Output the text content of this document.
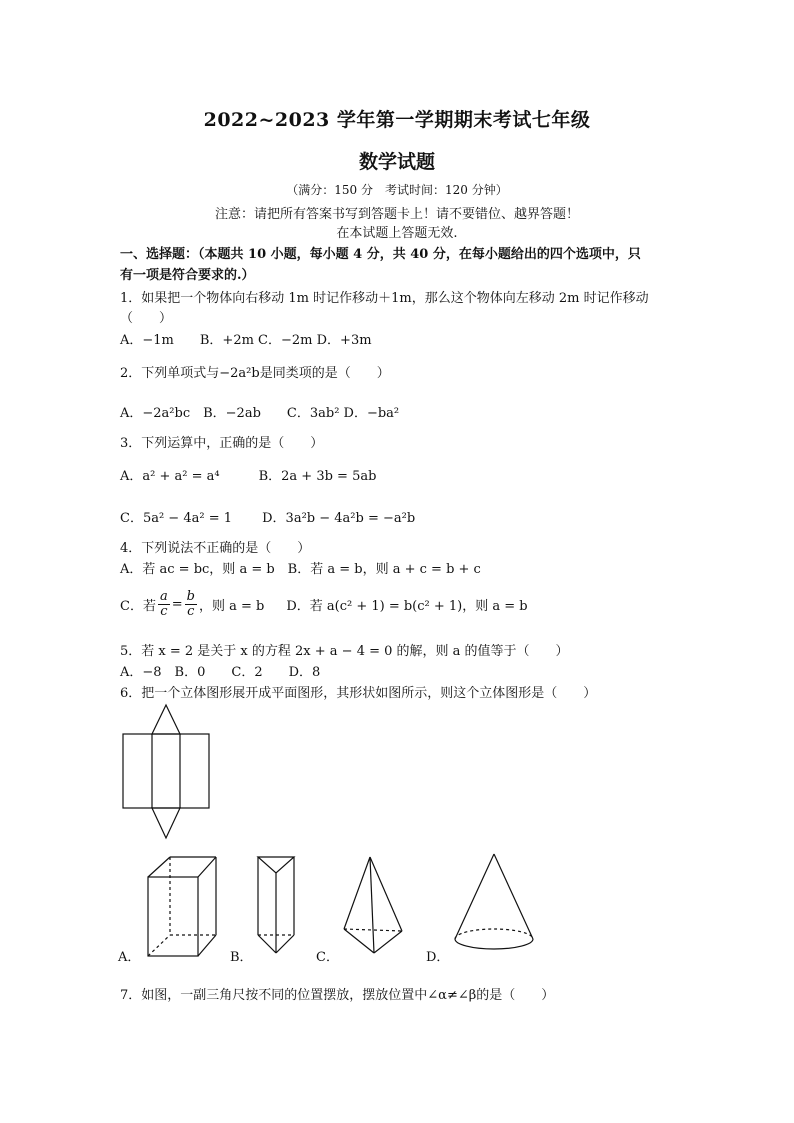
2022~2023 学年第一学期期末考试七年级
数学试题
（满分：150 分　考试时间：120 分钟）
注意：请把所有答案书写到答题卡上！请不要错位、越界答题！
在本试题上答题无效.
一、选择题：（本题共 10 小题，每小题 4 分，共 40 分，在每小题给出的四个选项中，只
有一项是符合要求的.）
1．如果把一个物体向右移动 1m 时记作移动＋1m，那么这个物体向左移动 2m 时记作移动
（　　）
A．−1m　　B．+2m C．−2m D．+3m
2．下列单项式与−2a²b是同类项的是（　　）
A．−2a²bc　B．−2ab　　C．3ab² D．−ba²
3．下列运算中，正确的是（　　）
A．a² + a² = a⁴　　　B．2a + 3b = 5ab
C．5a² − 4a² = 1　　 D．3a²b − 4a²b = −a²b
4．下列说法不正确的是（　　）
A．若 ac = bc，则 a = b　B．若 a = b，则 a + c = b + c
C．若 $\frac{a}{c} = \frac{b}{c}$ ，则 a = b D．若 a(c² + 1) = b(c² + 1)，则 a = b
5．若 x = 2 是关于 x 的方程 2x + a − 4 = 0 的解，则 a 的值等于（　　）
A．−8　B．0　　C．2　　D．8
6．把一个立体图形展开成平面图形，其形状如图所示，则这个立体图形是（　　）
A．	B．	C．	D．
7．如图，一副三角尺按不同的位置摆放，摆放位置中∠α≠∠β的是（　　）
